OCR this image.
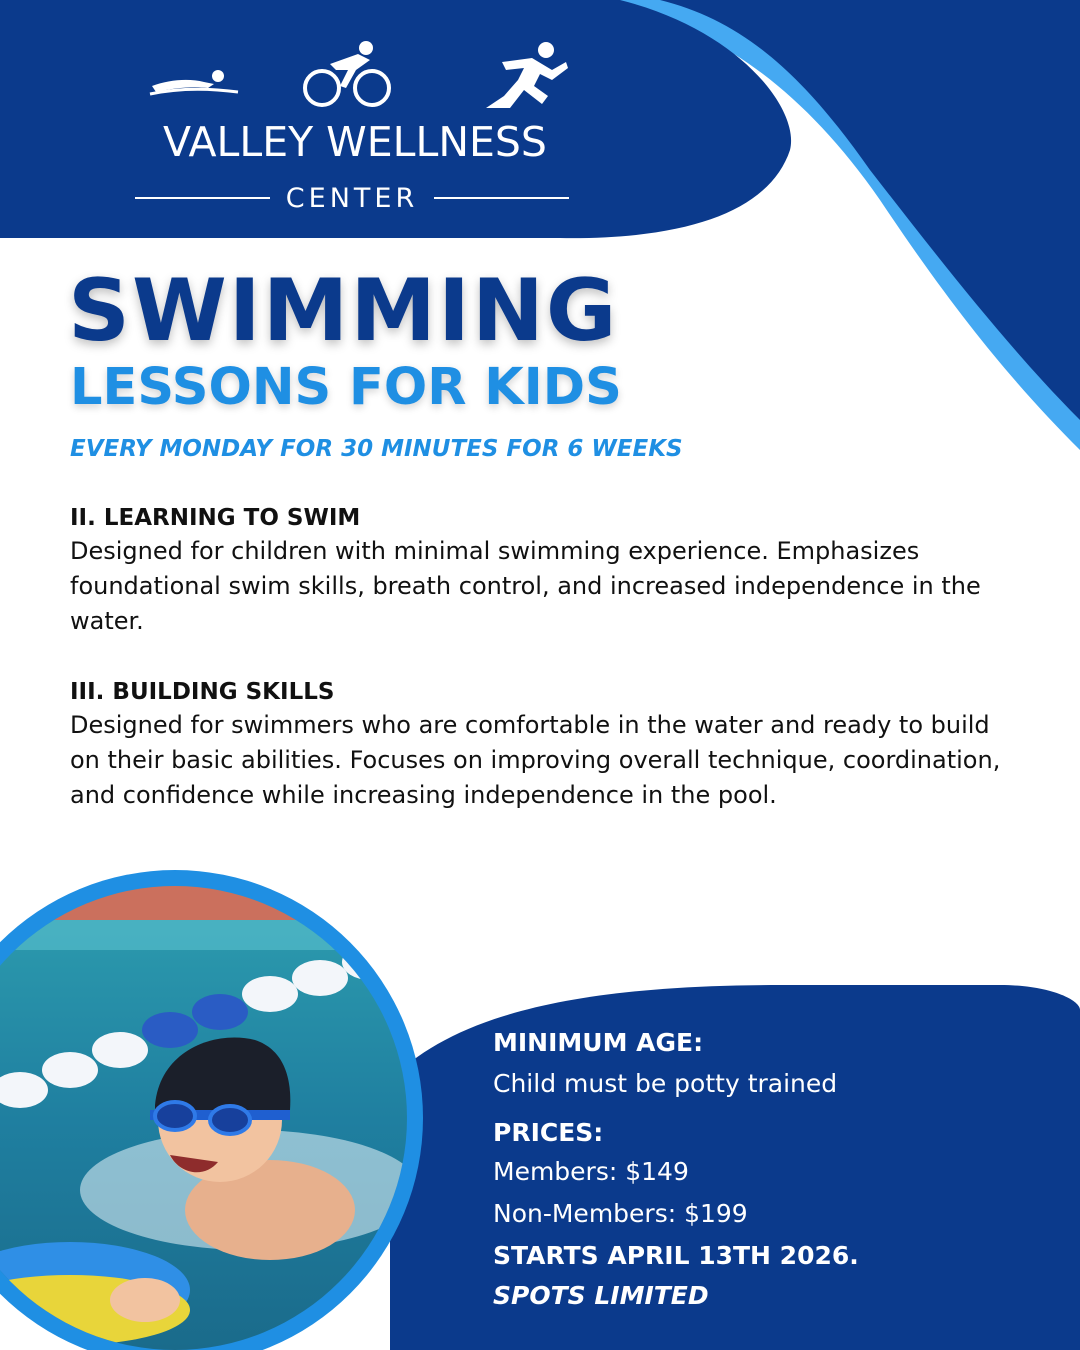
VALLEY WELLNESS
CENTER
SWIMMING
LESSONS FOR KIDS
EVERY MONDAY FOR 30 MINUTES FOR 6 WEEKS
II. LEARNING TO SWIM

Designed for children with minimal swimming experience. Emphasizes foundational swim skills, breath control, and increased independence in the water.

III. BUILDING SKILLS

Designed for swimmers who are comfortable in the water and ready to build on their basic abilities. Focuses on improving overall technique, coordination, and confidence while increasing independence in the pool.

MINIMUM AGE:
Child must be potty trained
PRICES:
Members: $149
Non-Members: $199
STARTS APRIL 13TH 2026.
SPOTS LIMITED
